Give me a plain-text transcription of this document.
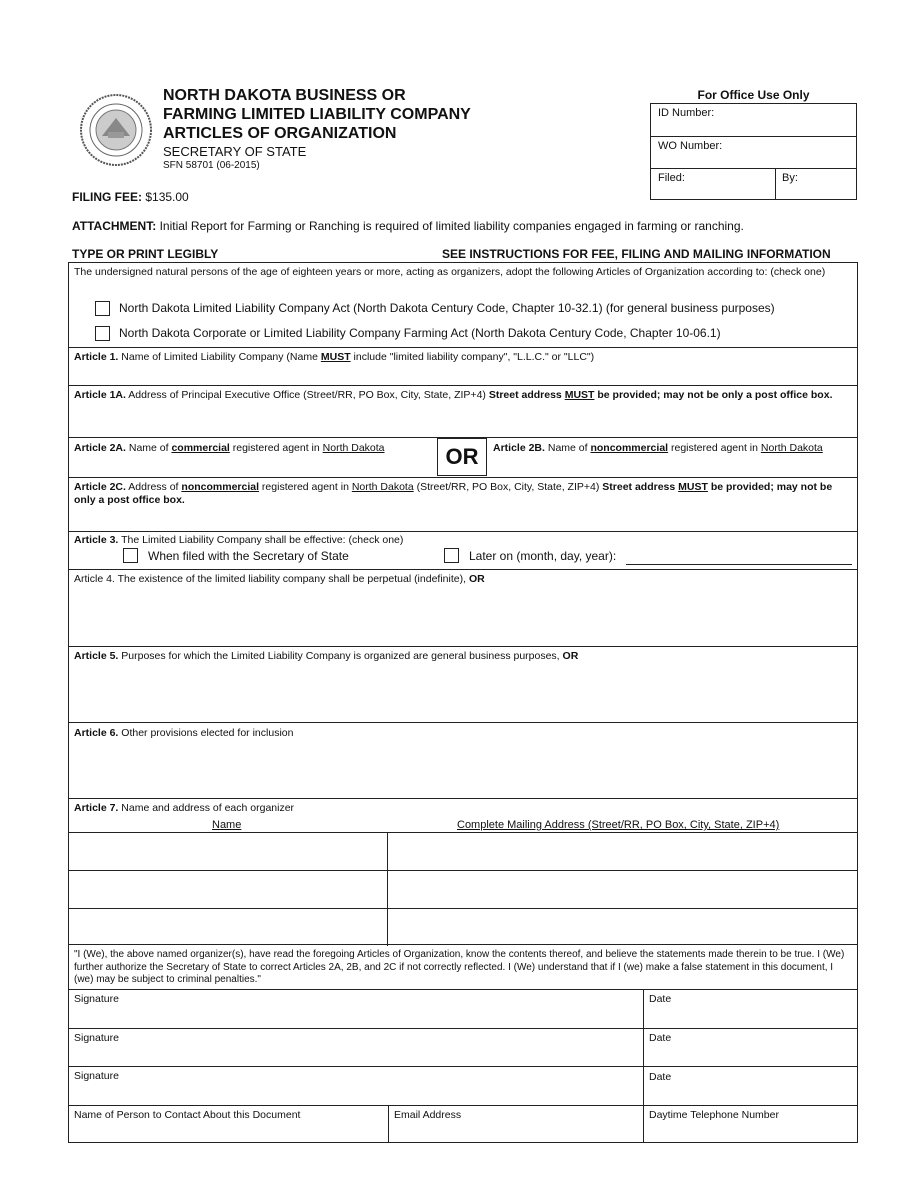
NORTH DAKOTA BUSINESS OR
FARMING LIMITED LIABILITY COMPANY
ARTICLES OF ORGANIZATION
SECRETARY OF STATE
SFN 58701 (06-2015)
For Office Use Only
ID Number:
WO Number:
Filed:	By:
FILING FEE: $135.00
ATTACHMENT: Initial Report for Farming or Ranching is required of limited liability companies engaged in farming or ranching.
TYPE OR PRINT LEGIBLY	SEE INSTRUCTIONS FOR FEE, FILING AND MAILING INFORMATION
The undersigned natural persons of the age of eighteen years or more, acting as organizers, adopt the following Articles of Organization according to: (check one)
North Dakota Limited Liability Company Act (North Dakota Century Code, Chapter 10-32.1) (for general business purposes)
North Dakota Corporate or Limited Liability Company Farming Act (North Dakota Century Code, Chapter 10-06.1)
Article 1. Name of Limited Liability Company (Name MUST include "limited liability company", "L.L.C." or "LLC")
Article 1A. Address of Principal Executive Office (Street/RR, PO Box, City, State, ZIP+4) Street address MUST be provided; may not be only a post office box.
Article 2A. Name of commercial registered agent in North Dakota	Article 2B. Name of noncommercial registered agent in North Dakota
Article 2C. Address of noncommercial registered agent in North Dakota (Street/RR, PO Box, City, State, ZIP+4) Street address MUST be provided; may not be only a post office box.
Article 3. The Limited Liability Company shall be effective: (check one)
When filed with the Secretary of State	Later on (month, day, year):
Article 4. The existence of the limited liability company shall be perpetual (indefinite), OR
Article 5. Purposes for which the Limited Liability Company is organized are general business purposes, OR
Article 6. Other provisions elected for inclusion
Article 7. Name and address of each organizer
Name	Complete Mailing Address (Street/RR, PO Box, City, State, ZIP+4)
OR
"I (We), the above named organizer(s), have read the foregoing Articles of Organization, know the contents thereof, and believe the statements made therein to be true. I (We) further authorize the Secretary of State to correct Articles 2A, 2B, and 2C if not correctly reflected. I (We) understand that if I (we) make a false statement in this document, I (we) may be subject to criminal penalties."
Signature	Date
Signature	Date
Signature	Date
Name of Person to Contact About this Document	Email Address	Daytime Telephone Number
